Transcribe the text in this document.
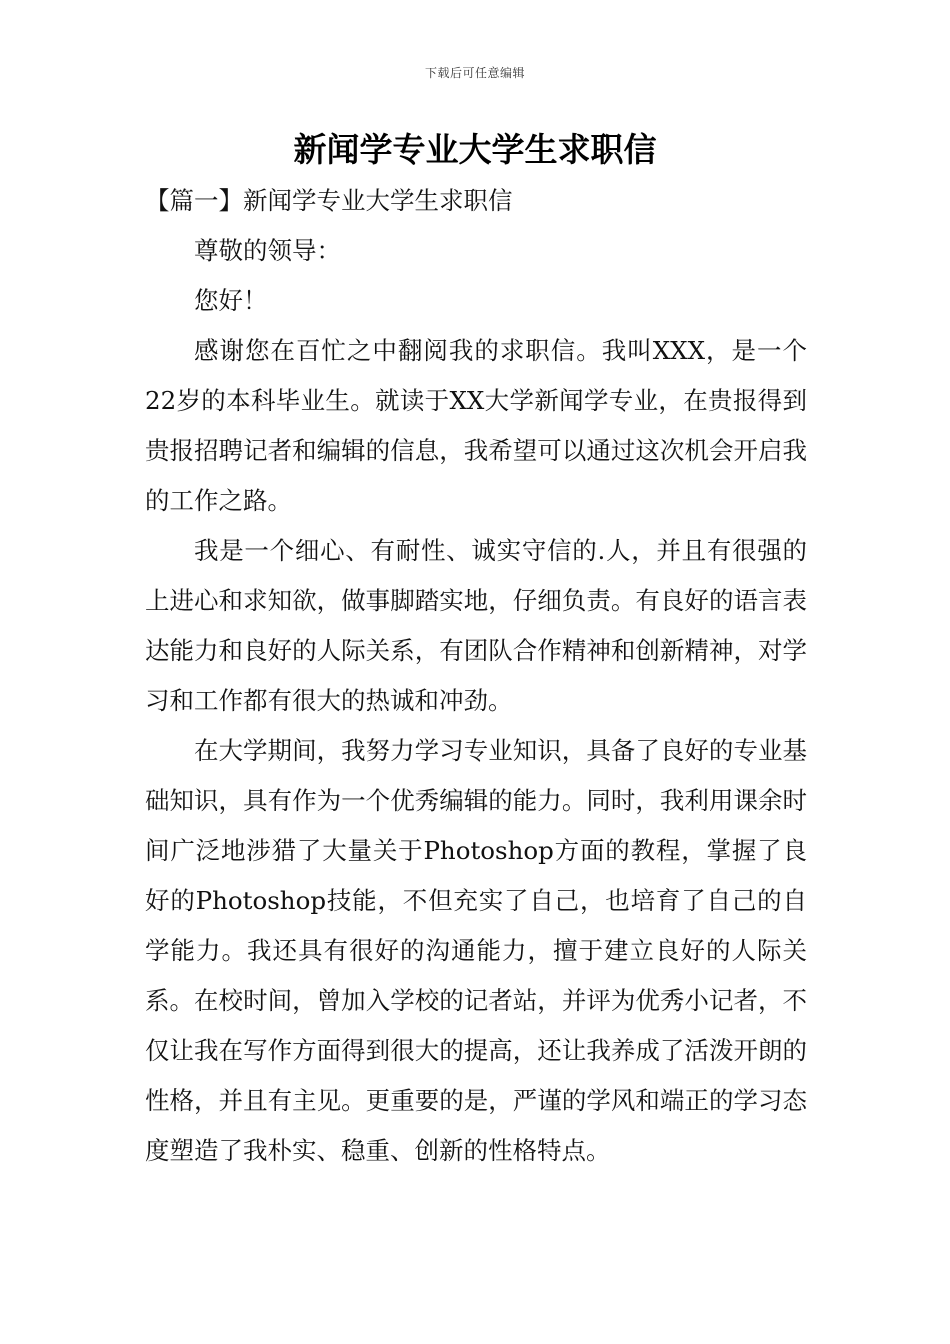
下载后可任意编辑
新闻学专业大学生求职信

【篇一】新闻学专业大学生求职信

尊敬的领导：

您好！

感谢您在百忙之中翻阅我的求职信。我叫XXX，是一个22岁的本科毕业生。就读于XX大学新闻学专业，在贵报得到贵报招聘记者和编辑的信息，我希望可以通过这次机会开启我的工作之路。

我是一个细心、有耐性、诚实守信的.人，并且有很强的上进心和求知欲，做事脚踏实地，仔细负责。有良好的语言表达能力和良好的人际关系，有团队合作精神和创新精神，对学习和工作都有很大的热诚和冲劲。

在大学期间，我努力学习专业知识，具备了良好的专业基础知识，具有作为一个优秀编辑的能力。同时，我利用课余时间广泛地涉猎了大量关于Photoshop方面的教程，掌握了良好的Photoshop技能，不但充实了自己，也培育了自己的自学能力。我还具有很好的沟通能力，擅于建立良好的人际关系。在校时间，曾加入学校的记者站，并评为优秀小记者，不仅让我在写作方面得到很大的提高，还让我养成了活泼开朗的性格，并且有主见。更重要的是，严谨的学风和端正的学习态度塑造了我朴实、稳重、创新的性格特点。
